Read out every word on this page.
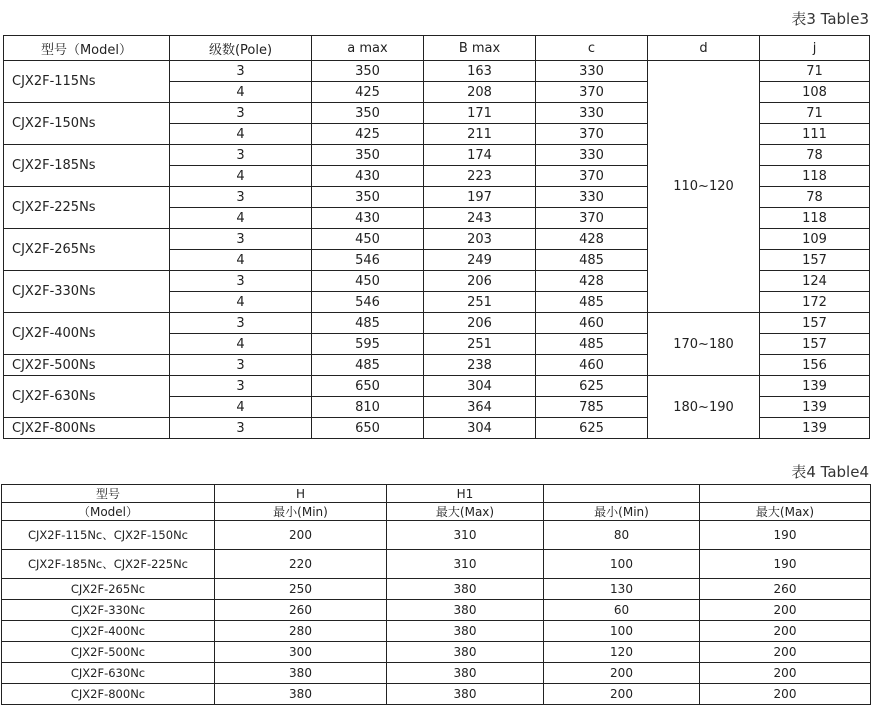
表3 Table3
型号（Model）	级数(Pole)	a max	B max	c	d	j
CJX2F-115Ns	3	350	163	330	110~120	71
	4	425	208	370		108
CJX2F-150Ns	3	350	171	330		71
	4	425	211	370		111
CJX2F-185Ns	3	350	174	330		78
	4	430	223	370		118
CJX2F-225Ns	3	350	197	330		78
	4	430	243	370		118
CJX2F-265Ns	3	450	203	428		109
	4	546	249	485		157
CJX2F-330Ns	3	450	206	428		124
	4	546	251	485		172
CJX2F-400Ns	3	485	206	460	170~180	157
	4	595	251	485		157
CJX2F-500Ns	3	485	238	460		156
CJX2F-630Ns	3	650	304	625	180~190	139
	4	810	364	785		139
CJX2F-800Ns	3	650	304	625		139
表4 Table4
型号	H	H1		
（Model）	最小(Min)	最大(Max)	最小(Min)	最大(Max)
CJX2F-115Nc、CJX2F-150Nc	200	310	80	190
CJX2F-185Nc、CJX2F-225Nc	220	310	100	190
CJX2F-265Nc	250	380	130	260
CJX2F-330Nc	260	380	60	200
CJX2F-400Nc	280	380	100	200
CJX2F-500Nc	300	380	120	200
CJX2F-630Nc	380	380	200	200
CJX2F-800Nc	380	380	200	200
